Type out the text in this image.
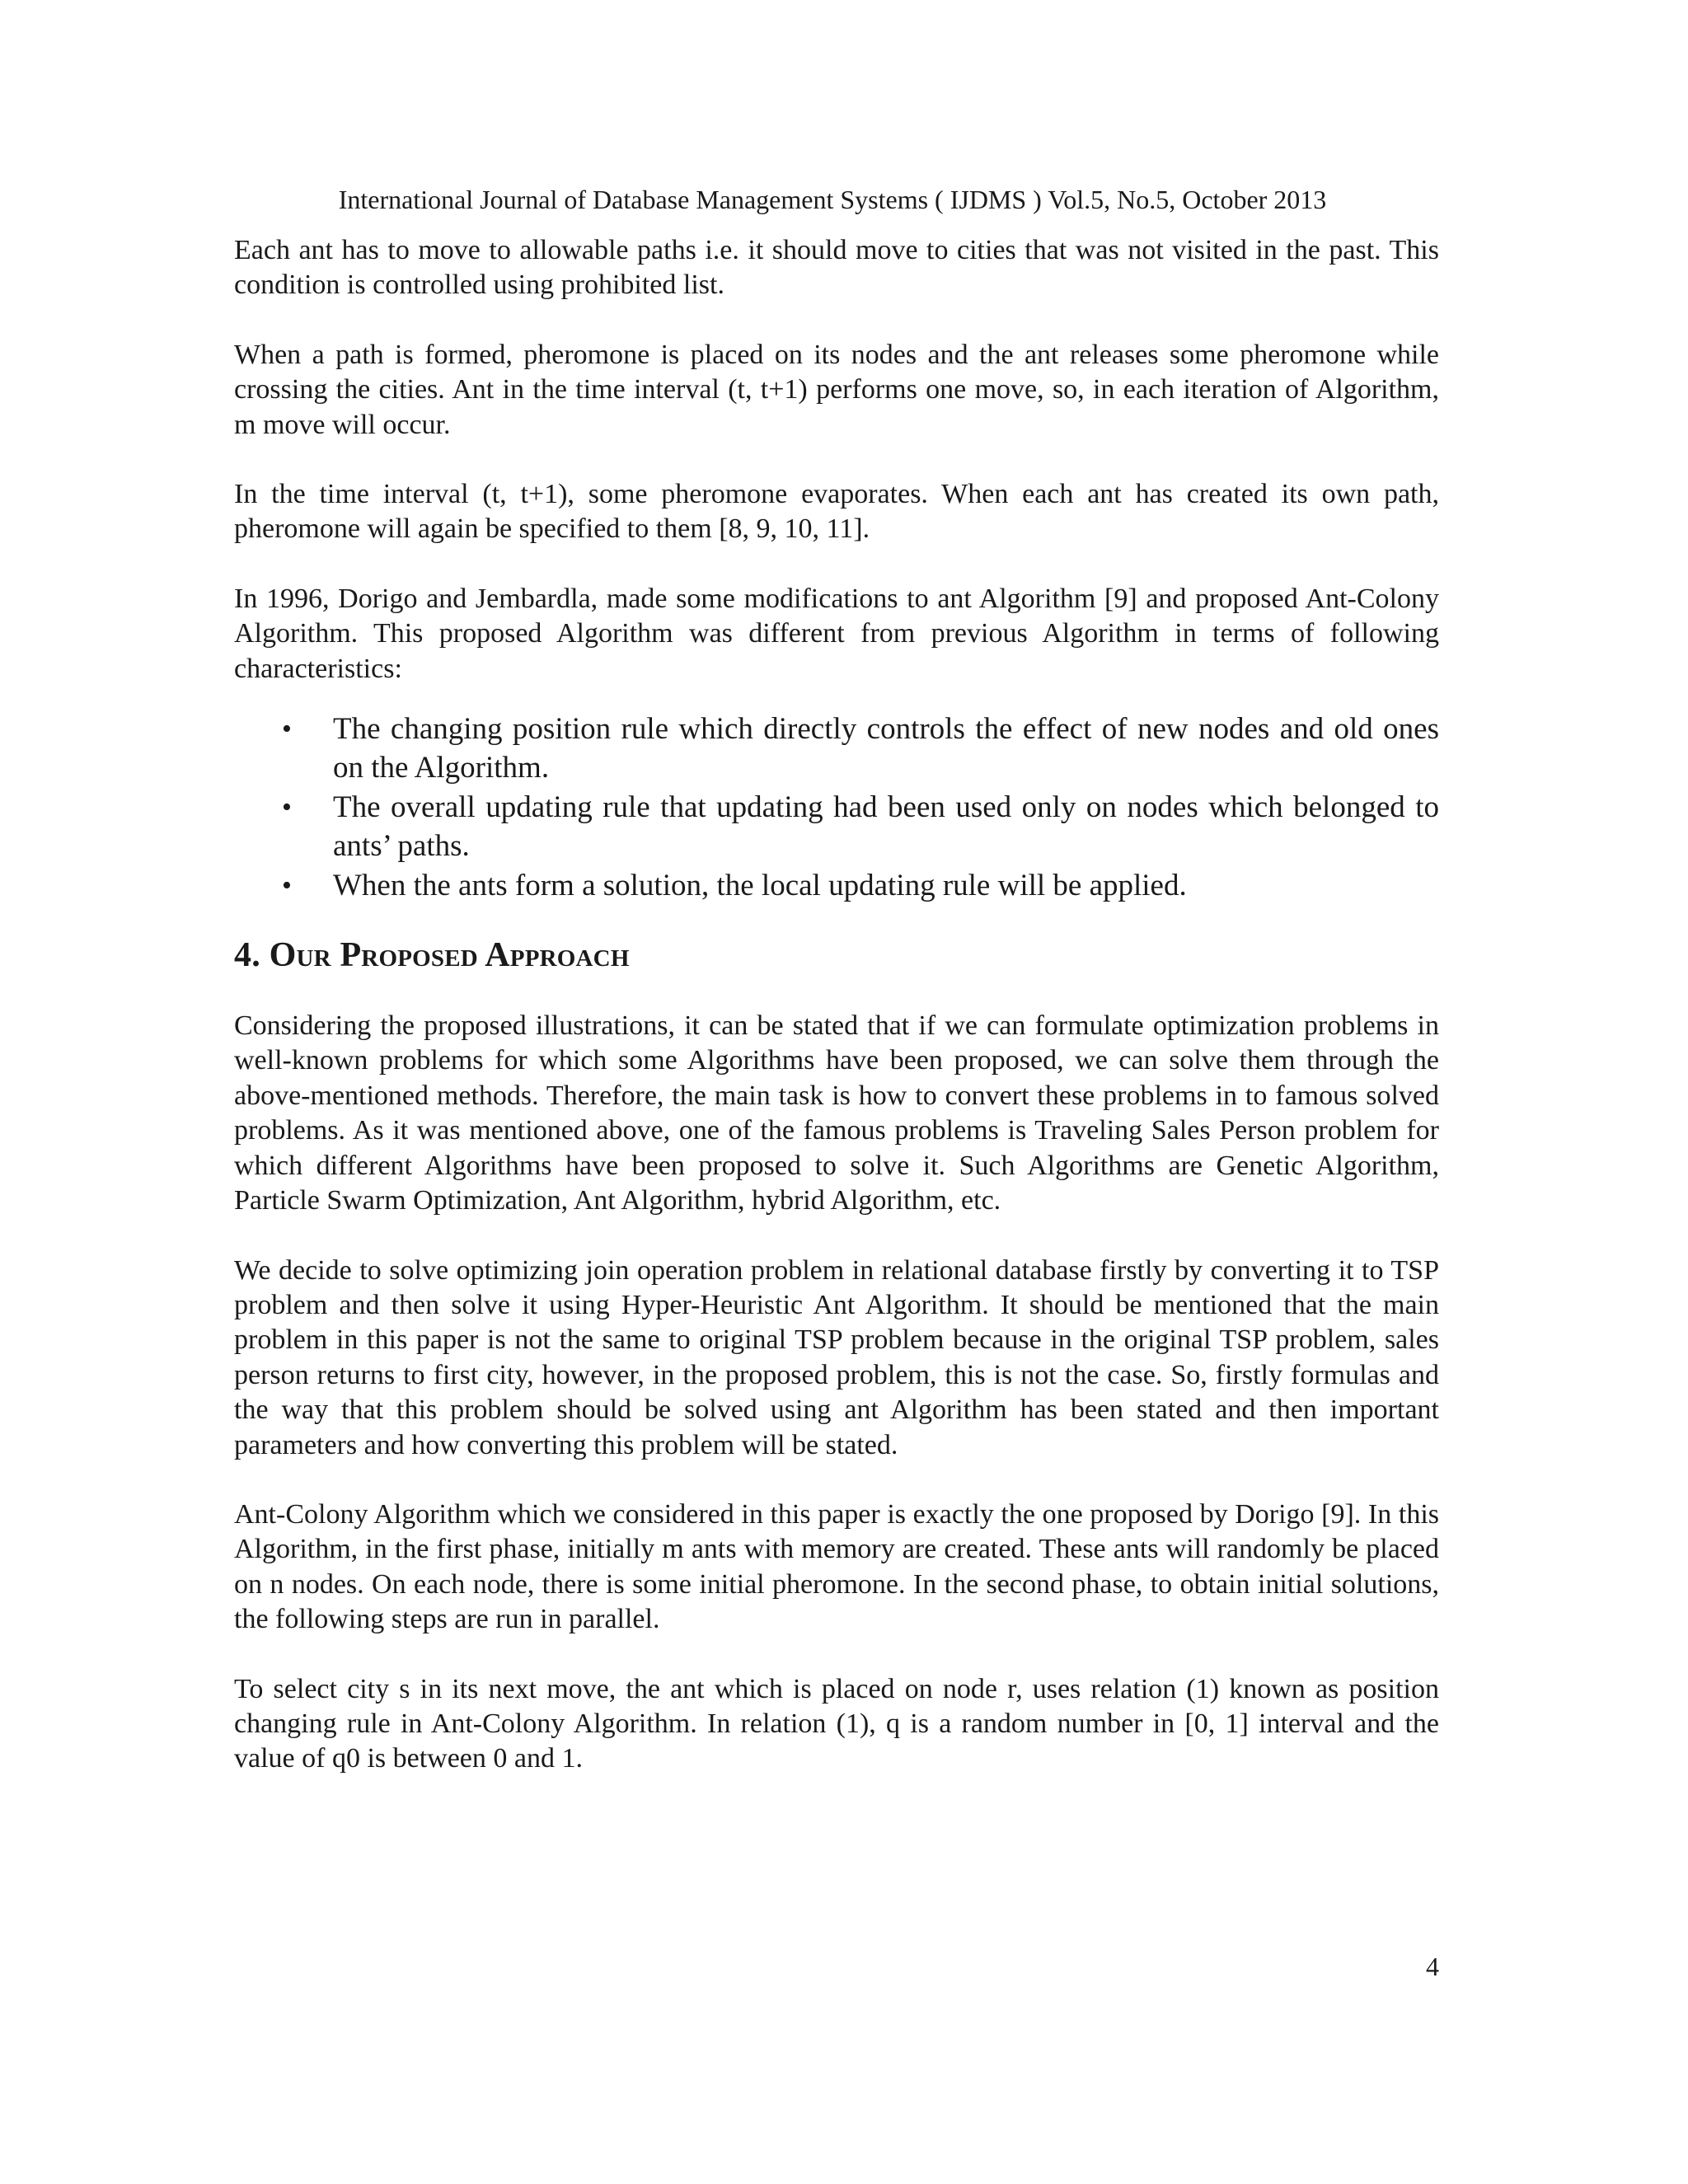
International Journal of Database Management Systems ( IJDMS ) Vol.5, No.5, October 2013

Each ant has to move to allowable paths i.e. it should move to cities that was not visited in the past. This condition is controlled using prohibited list.

When a path is formed, pheromone is placed on its nodes and the ant releases some pheromone while crossing the cities. Ant in the time interval (t, t+1) performs one move, so, in each iteration of Algorithm, m move will occur.

In the time interval (t, t+1), some pheromone evaporates. When each ant has created its own path, pheromone will again be specified to them [8, 9, 10, 11].

In 1996, Dorigo and Jembardla, made some modifications to ant Algorithm [9] and proposed Ant-Colony Algorithm. This proposed Algorithm was different from previous Algorithm in terms of following characteristics:

• The changing position rule which directly controls the effect of new nodes and old ones on the Algorithm.
• The overall updating rule that updating had been used only on nodes which belonged to ants’ paths.
• When the ants form a solution, the local updating rule will be applied.
4. Our Proposed Approach

Considering the proposed illustrations, it can be stated that if we can formulate optimization problems in well-known problems for which some Algorithms have been proposed, we can solve them through the above-mentioned methods. Therefore, the main task is how to convert these problems in to famous solved problems. As it was mentioned above, one of the famous problems is Traveling Sales Person problem for which different Algorithms have been proposed to solve it. Such Algorithms are Genetic Algorithm, Particle Swarm Optimization, Ant Algorithm, hybrid Algorithm, etc.

We decide to solve optimizing join operation problem in relational database firstly by converting it to TSP problem and then solve it using Hyper-Heuristic Ant Algorithm. It should be mentioned that the main problem in this paper is not the same to original TSP problem because in the original TSP problem, sales person returns to first city, however, in the proposed problem, this is not the case. So, firstly formulas and the way that this problem should be solved using ant Algorithm has been stated and then important parameters and how converting this problem will be stated.

Ant-Colony Algorithm which we considered in this paper is exactly the one proposed by Dorigo [9]. In this Algorithm, in the first phase, initially m ants with memory are created. These ants will randomly be placed on n nodes. On each node, there is some initial pheromone. In the second phase, to obtain initial solutions, the following steps are run in parallel.

To select city s in its next move, the ant which is placed on node r, uses relation (1) known as position changing rule in Ant-Colony Algorithm. In relation (1), q is a random number in [0, 1] interval and the value of q0 is between 0 and 1.

4
